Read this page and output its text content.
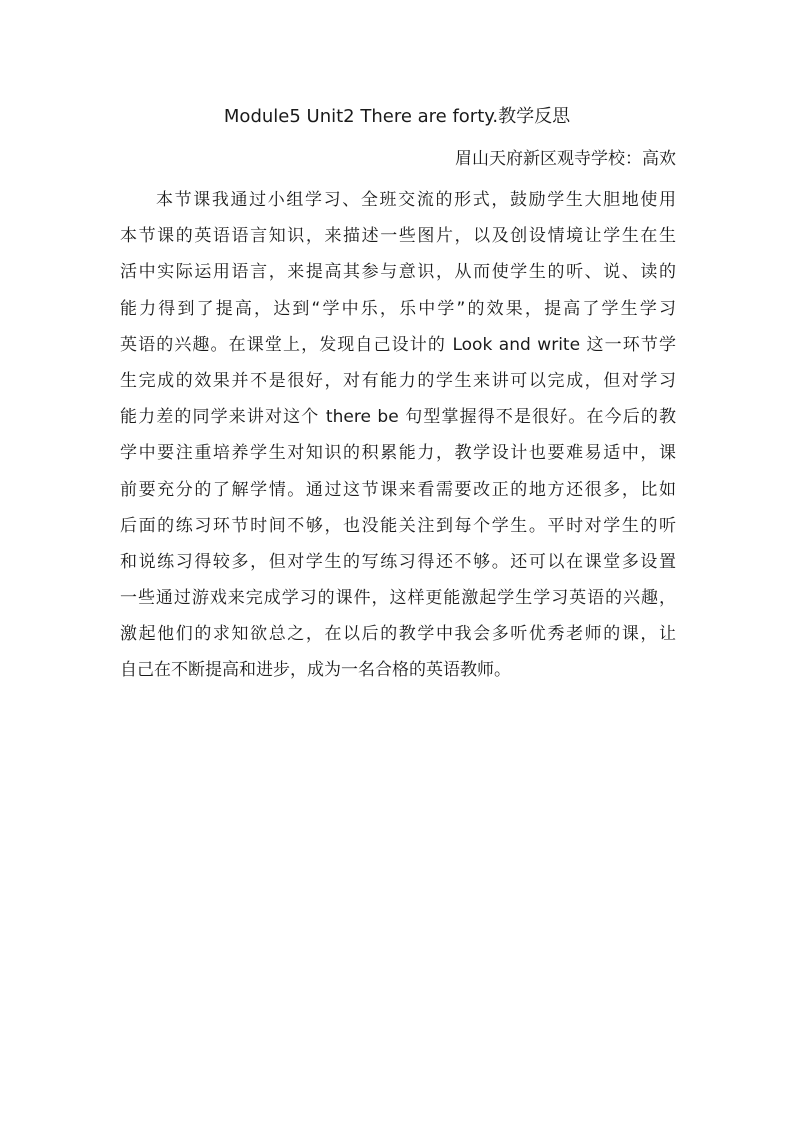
Module5 Unit2 There are forty.教学反思
眉山天府新区观寺学校：高欢
本节课我通过小组学习、全班交流的形式，鼓励学生大胆地使用
本节课的英语语言知识，来描述一些图片，以及创设情境让学生在生
活中实际运用语言，来提高其参与意识，从而使学生的听、说、读的
能力得到了提高，达到“学中乐，乐中学”的效果，提高了学生学习
英语的兴趣。在课堂上，发现自己设计的 Look and write 这一环节学
生完成的效果并不是很好，对有能力的学生来讲可以完成，但对学习
能力差的同学来讲对这个 there be 句型掌握得不是很好。在今后的教
学中要注重培养学生对知识的积累能力，教学设计也要难易适中，课
前要充分的了解学情。通过这节课来看需要改正的地方还很多，比如
后面的练习环节时间不够，也没能关注到每个学生。平时对学生的听
和说练习得较多，但对学生的写练习得还不够。还可以在课堂多设置
一些通过游戏来完成学习的课件，这样更能激起学生学习英语的兴趣，
激起他们的求知欲总之，在以后的教学中我会多听优秀老师的课，让
自己在不断提高和进步，成为一名合格的英语教师。
